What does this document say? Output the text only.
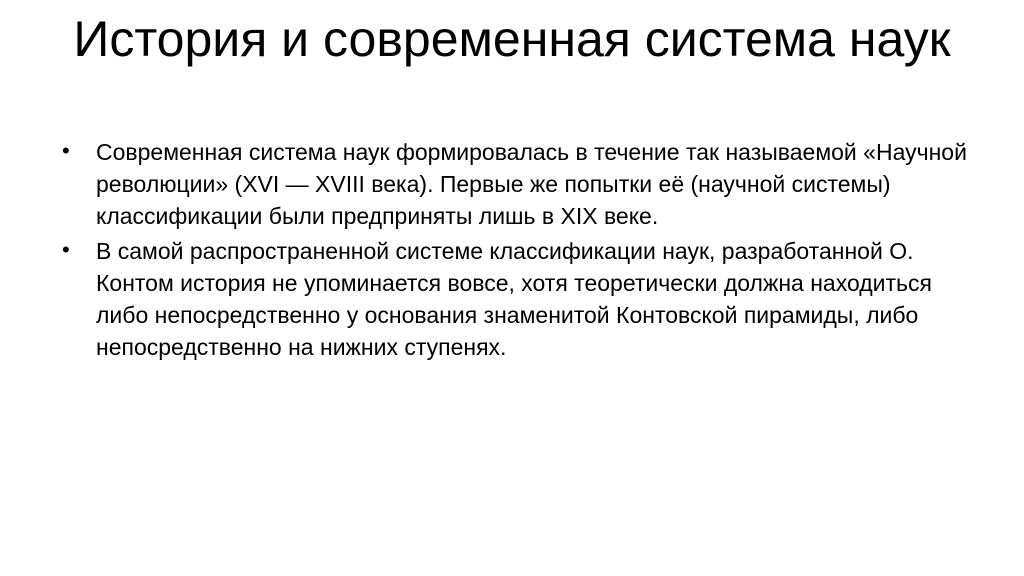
История и современная система наук
• Современная система наук формировалась в течение так называемой «Научной революции» (XVI — XVIII века). Первые же попытки её (научной системы) классификации были предприняты лишь в XIX веке.
• В самой распространенной системе классификации наук, разработанной О. Контом история не упоминается вовсе, хотя теоретически должна находиться либо непосредственно у основания знаменитой Контовской пирамиды, либо непосредственно на нижних ступенях.
